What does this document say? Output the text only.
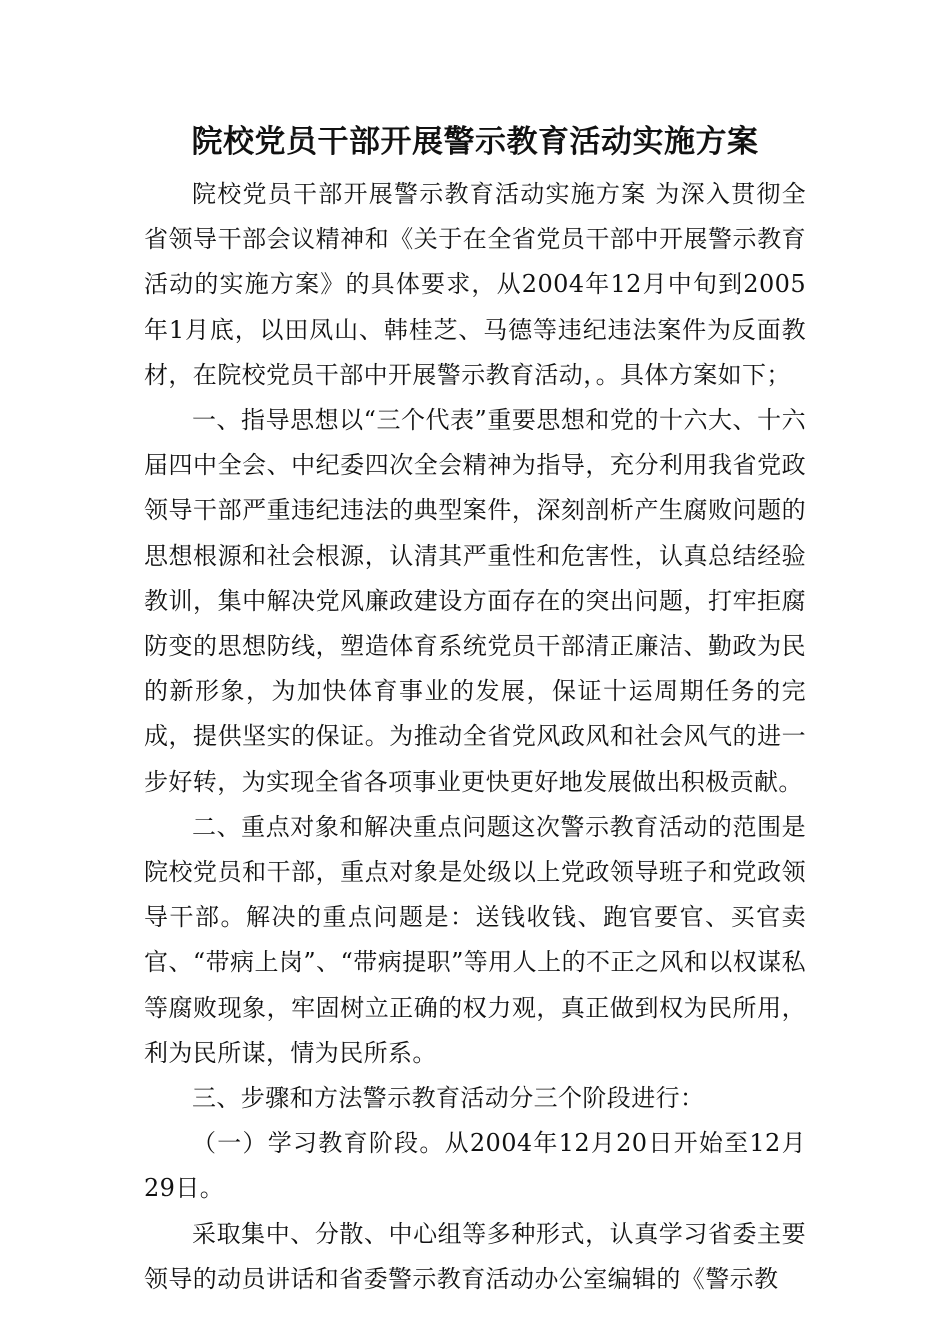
院校党员干部开展警示教育活动实施方案

院校党员干部开展警示教育活动实施方案 为深入贯彻全省领导干部会议精神和《关于在全省党员干部中开展警示教育活动的实施方案》的具体要求，从2004年12月中旬到2005年1月底，以田凤山、韩桂芝、马德等违纪违法案件为反面教材，在院校党员干部中开展警示教育活动，。具体方案如下；

一、指导思想以“三个代表”重要思想和党的十六大、十六届四中全会、中纪委四次全会精神为指导，充分利用我省党政领导干部严重违纪违法的典型案件，深刻剖析产生腐败问题的思想根源和社会根源，认清其严重性和危害性，认真总结经验教训，集中解决党风廉政建设方面存在的突出问题，打牢拒腐防变的思想防线，塑造体育系统党员干部清正廉洁、勤政为民的新形象，为加快体育事业的发展，保证十运周期任务的完成，提供坚实的保证。为推动全省党风政风和社会风气的进一步好转，为实现全省各项事业更快更好地发展做出积极贡献。

二、重点对象和解决重点问题这次警示教育活动的范围是院校党员和干部，重点对象是处级以上党政领导班子和党政领导干部。解决的重点问题是：送钱收钱、跑官要官、买官卖官、“带病上岗”、“带病提职”等用人上的不正之风和以权谋私等腐败现象，牢固树立正确的权力观，真正做到权为民所用，利为民所谋，情为民所系。

三、步骤和方法警示教育活动分三个阶段进行：

（一）学习教育阶段。从2004年12月20日开始至12月29日。

采取集中、分散、中心组等多种形式，认真学习省委主要领导的动员讲话和省委警示教育活动办公室编辑的《警示教
